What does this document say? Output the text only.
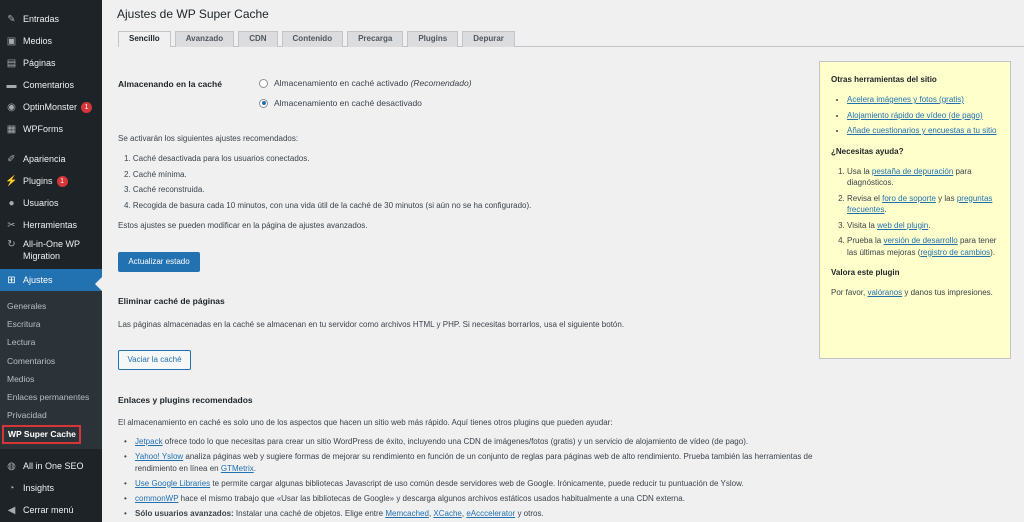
✎ Entradas
▣ Medios
▤ Páginas
▬ Comentarios
◉ OptinMonster	1
▦ WPForms
✐ Apariencia
⚡ Plugins	1
● Usuarios
✂ Herramientas
↻ All-in-One WP Migration
⊞ Ajustes
Generales
Escritura
Lectura
Comentarios
Medios
Enlaces permanentes
Privacidad
WP Super Cache
◍ All in One SEO
◔ Insights
◀ Cerrar menú
Ajustes de WP Super Cache
Sencillo	Avanzado	CDN	Contenido	Precarga	Plugins	Depurar
Almacenando en la caché	Almacenamiento en caché activado
(Recomendado)
Almacenamiento en caché desactivado
Se activarán los siguientes ajustes recomendados:
1. Caché desactivada para los usuarios conectados.
2. Caché mínima.
3. Caché reconstruida.
4. Recogida de basura cada 10 minutos, con una vida útil de la caché de 30 minutos (si aún no se ha configurado).
Estos ajustes se pueden modificar en la página de ajustes avanzados.
Actualizar estado
Eliminar caché de páginas
Las páginas almacenadas en la caché se almacenan en tu servidor como archivos HTML y PHP. Si necesitas borrarlos, usa el siguiente botón.
Vaciar la caché
Enlaces y plugins recomendados
El almacenamiento en caché es solo uno de los aspectos que hacen un sitio web más rápido. Aquí tienes otros plugins que pueden ayudar:
• Jetpack ofrece todo lo que necesitas para crear un sitio WordPress de éxito, incluyendo una CDN de imágenes/fotos (gratis) y un servicio de alojamiento de vídeo (de pago).
• Yahoo! Yslow analiza páginas web y sugiere formas de mejorar su rendimiento en función de un conjunto de reglas para páginas web de alto rendimiento. Prueba también las herramientas de rendimiento en línea en GTMetrix.
• Use Google Libraries te permite cargar algunas bibliotecas Javascript de uso común desde servidores web de Google. Irónicamente, puede reducir tu puntuación de Yslow.
• commonWP hace el mismo trabajo que «Usar las bibliotecas de Google» y descarga algunos archivos estáticos usados habitualmente a una CDN externa.
• Sólo usuarios avanzados: Instalar una caché de objetos. Elige entre Memcached, XCache, eAcccelerator y otros.
Otras herramientas del sitio
• Acelera imágenes y fotos (gratis)
• Alojamiento rápido de vídeo (de pago)
• Añade cuestionarios y encuestas a tu sitio
¿Necesitas ayuda?
1. Usa la pestaña de depuración para diagnósticos.
2. Revisa el foro de soporte y las preguntas frecuentes.
3. Visita la web del plugin.
4. Prueba la versión de desarrollo para tener las últimas mejoras (registro de cambios).
Valora este plugin

Por favor, valóranos y danos tus impresiones.
